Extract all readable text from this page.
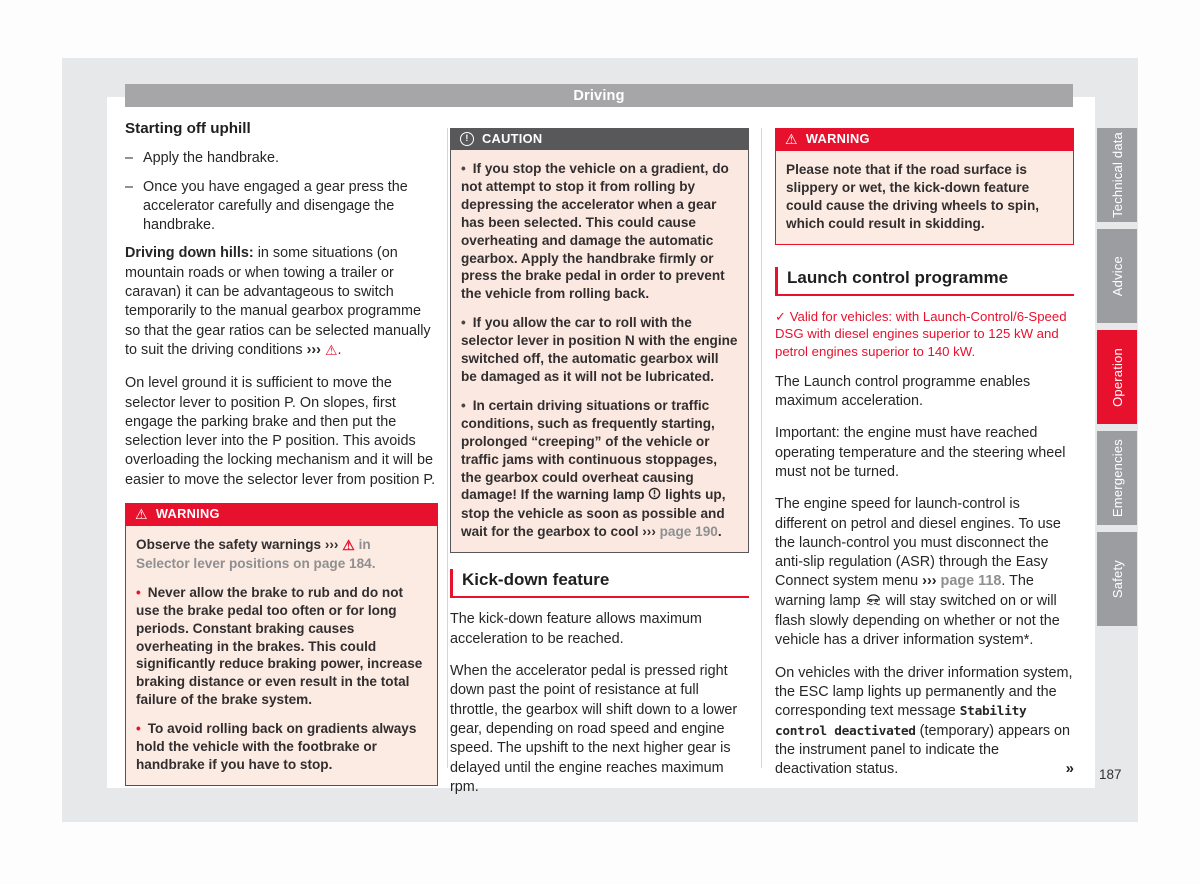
Driving
Starting off uphill
– Apply the handbrake.
– Once you have engaged a gear press the accelerator carefully and disengage the handbrake.

Driving down hills: in some situations (on mountain roads or when towing a trailer or caravan) it can be advantageous to switch temporarily to the manual gearbox programme so that the gear ratios can be selected manually to suit the driving conditions ››› ⚠.

On level ground it is sufficient to move the selector lever to position P. On slopes, first engage the parking brake and then put the selection lever into the P position. This avoids overloading the locking mechanism and it will be easier to move the selector lever from position P.

⚠
WARNING

Observe the safety warnings ››› ⚠ in Selector lever positions on page 184.

• Never allow the brake to rub and do not use the brake pedal too often or for long periods. Constant braking causes overheating in the brakes. This could significantly reduce braking power, increase braking distance or even result in the total failure of the brake system.

• To avoid rolling back on gradients always hold the vehicle with the footbrake or handbrake if you have to stop.

!
CAUTION

• If you stop the vehicle on a gradient, do not attempt to stop it from rolling by depressing the accelerator when a gear has been selected. This could cause overheating and damage the automatic gearbox. Apply the handbrake firmly or press the brake pedal in order to prevent the vehicle from rolling back.

• If you allow the car to roll with the selector lever in position N with the engine switched off, the automatic gearbox will be damaged as it will not be lubricated.

• In certain driving situations or traffic conditions, such as frequently starting, prolonged “creeping” of the vehicle or traffic jams with continuous stoppages, the gearbox could overheat causing damage! If the warning lamp  lights up, stop the vehicle as soon as possible and wait for the gearbox to cool ››› page 190.

Kick-down feature

The kick-down feature allows maximum acceleration to be reached.

When the accelerator pedal is pressed right down past the point of resistance at full throttle, the gearbox will shift down to a lower gear, depending on road speed and engine speed. The upshift to the next higher gear is delayed until the engine reaches maximum rpm.

⚠
WARNING

Please note that if the road surface is slippery or wet, the kick-down feature could cause the driving wheels to spin, which could result in skidding.

Launch control programme

✓ Valid for vehicles: with Launch-Control/6-Speed DSG with diesel engines superior to 125 kW and petrol engines superior to 140 kW.

The Launch control programme enables maximum acceleration.

Important: the engine must have reached operating temperature and the steering wheel must not be turned.

The engine speed for launch-control is different on petrol and diesel engines. To use the launch-control you must disconnect the anti-slip regulation (ASR) through the Easy Connect system menu ››› page 118. The warning lamp  will stay switched on or will flash slowly depending on whether or not the vehicle has a driver information system*.

On vehicles with the driver information system, the ESC lamp lights up permanently and the corresponding text message Stability control deactivated (temporary) appears on the instrument panel to indicate the deactivation status.	»

Technical data
Advice
Operation
Emergencies
Safety
187
